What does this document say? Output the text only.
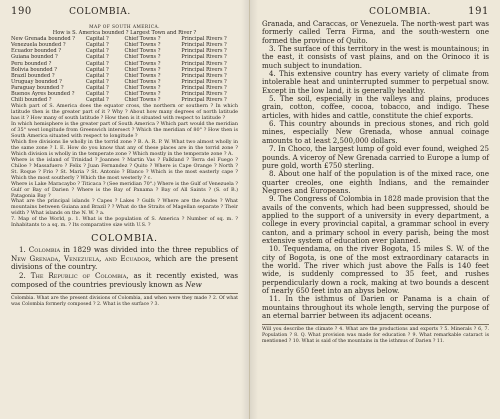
190	COLOMBIA.
MAP OF SOUTH AMERICA.
How is S. America bounded ? Largest Town and River ?
New Grenada bounded ?	Capital ?	Chief Towns ?	Principal Rivers ?
Venezuela bounded ?	Capital ?	Chief Towns ?	Principal Rivers ?
Ecuador bounded ?	Capital ?	Chief Towns ?	Principal Rivers ?
Guiana bounded ?	Capital ?	Chief Towns ?	Principal Rivers ?
Peru bounded ?	Capital ?	Chief Towns ?	Principal Rivers ?
Bolivia bounded ?	Capital ?	Chief Towns ?	Principal Rivers ?
Brazil bounded ?	Capital ?	Chief Towns ?	Principal Rivers ?
Uruguay bounded ?	Capital ?	Chief Towns ?	Principal Rivers ?
Paraguay bounded ?	Capital ?	Chief Towns ?	Principal Rivers ?
Buenos Ayres bounded ?	Capital ?	Chief Towns ?	Principal Rivers ?
Chili bounded ?	Capital ?	Chief Towns ?	Principal Rivers ?

Which part of S. America does the equator cross, the northern or southern ? In which latitude then is the greater part of it ? Why ? About how many degrees of north latitude has it ? How many of south latitude ? How then is it situated with respect to latitude ?

In which hemisphere is the greater part of South America ? Which part would the meridian of 35° west longitude from Greenwich intersect ? Which the meridian of 80° ? How then is South America situated with respect to longitude ?

Which five divisions lie wholly in the torrid zone ? B. A. R. P. W. What two almost wholly in the same zone ? I. E. How do you know that any of these places are in the torrid zone ? Which division is wholly in the temperate zone ? Which mostly in the temperate zone ? A.

Where is the island of Trinidad ? Joannes ? Martin Vas ? Falkland ? Terra del Fuego ? Chiloe ? Massafuero ? Felix ? Juan Fernandez ? Quito ? Where is Cape Orange ? North ? St. Roque ? Frio ? St. Maria ? St. Antonio ? Blanco ? Which is the most easterly cape ? Which the most southerly ? Which the most westerly ? c.

Where is Lake Maracaybo ? Titicaca ? (See meridian 70°.) Where is the Gulf of Venezuela ? Gulf or Bay of Darien ? Where is the Bay of Panama ? Bay of All Saints ? (S. of B.) Patagonia Bay ?

What are the principal islands ? Capes ? Lakes ? Gulfs ? Where are the Andes ? What mountains between Guiana and Brazil ? ? What do the Straits of Magellan separate ? Their width ? What islands on the N. W. ? a.

7. Map of the World, p. 1. What is the population of S. America ? Number of sq. m. ? Inhabitants to a sq. m. ? Its comparative size with U.S. ?

COLOMBIA.

1. Colombia in 1829 was divided into the three republics of New Grenada, Venezuela, and Ecuador, which are the present divisions of the country.

2. The Republic of Colombia, as it recently existed, was composed of the countries previously known as New

Colombia. What are the present divisions of Colombia, and when were they made ? 2. Of what was Colombia formerly composed ? 2. What is the surface ? 3.

COLOMBIA.	191

Granada, and Caraccas, or Venezuela. The north-west part was formerly called Terra Firma, and the south-western one formed the province of Quito.

3. The surface of this territory in the west is mountainous; in the east, it consists of vast plains, and on the Orinoco it is much subject to inundation.

4. This extensive country has every variety of climate from intolerable heat and uninterrupted summer to perpetual snow. Except in the low land, it is generally healthy.

5. The soil, especially in the valleys and plains, produces grain, cotton, coffee, cocoa, tobacco, and indigo. These articles, with hides and cattle, constitute the chief exports.

6. This country abounds in precious stones, and rich gold mines, especially New Grenada, whose annual coinage amounts to at least 2,500,000 dollars.

7. In Choco, the largest lump of gold ever found, weighed 25 pounds. A viceroy of New Grenada carried to Europe a lump of pure gold, worth £750 sterling.

8. About one half of the population is of the mixed race, one quarter creoles, one eighth Indians, and the remainder Negroes and Europeans.

9. The Congress of Colombia in 1828 made provision that the avails of the convents, which had been suppressed, should be applied to the support of a university in every department, a college in every provincial capital, a grammar school in every canton, and a primary school in every parish, being the most extensive system of education ever planned.

10. Tequendama, on the river Bogota, 15 miles S. W. of the city of Bogota, is one of the most extraordinary cataracts in the world. The river which just above the Falls is 140 feet wide, is suddenly compressed to 35 feet, and rushes perpendicularly down a rock, making at two bounds a descent of nearly 650 feet into an abyss below.

11. In the isthmus of Darien or Panama is a chain of mountains throughout its whole length, serving the purpose of an eternal barrier between its adjacent oceans.

Will you describe the climate ? 4. What are the productions and exports ? 5. Minerals ? 6, 7. Population ? 8. Q. What provision was made for education ? 9. What remarkable cataract is mentioned ? 10. What is said of the mountains in the isthmus of Darien ? 11.
